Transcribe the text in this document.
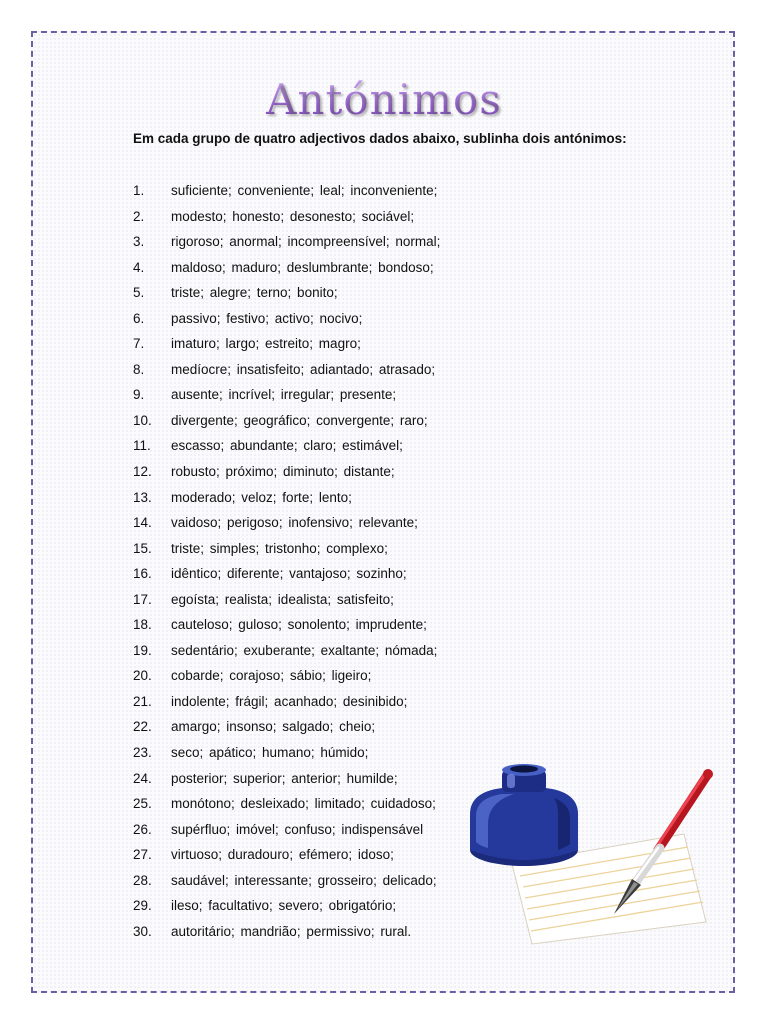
Antónimos

Em cada grupo de quatro adjectivos dados abaixo, sublinha dois antónimos:

1. suficiente; conveniente; leal; inconveniente;
2. modesto; honesto; desonesto; sociável;
3. rigoroso; anormal; incompreensível; normal;
4. maldoso; maduro; deslumbrante; bondoso;
5. triste; alegre; terno; bonito;
6. passivo; festivo; activo; nocivo;
7. imaturo; largo; estreito; magro;
8. medíocre; insatisfeito; adiantado; atrasado;
9. ausente; incrível; irregular; presente;
10. divergente; geográfico; convergente; raro;
11. escasso; abundante; claro; estimável;
12. robusto; próximo; diminuto; distante;
13. moderado; veloz; forte; lento;
14. vaidoso; perigoso; inofensivo; relevante;
15. triste; simples; tristonho; complexo;
16. idêntico; diferente; vantajoso; sozinho;
17. egoísta; realista; idealista; satisfeito;
18. cauteloso; guloso; sonolento; imprudente;
19. sedentário; exuberante; exaltante; nómada;
20. cobarde; corajoso; sábio; ligeiro;
21. indolente; frágil; acanhado; desinibido;
22. amargo; insonso; salgado; cheio;
23. seco; apático; humano; húmido;
24. posterior; superior; anterior; humilde;
25. monótono; desleixado; limitado; cuidadoso;
26. supérfluo; imóvel; confuso; indispensável
27. virtuoso; duradouro; efémero; idoso;
28. saudável; interessante; grosseiro; delicado;
29. ileso; facultativo; severo; obrigatório;
30. autoritário; mandrião; permissivo; rural.
